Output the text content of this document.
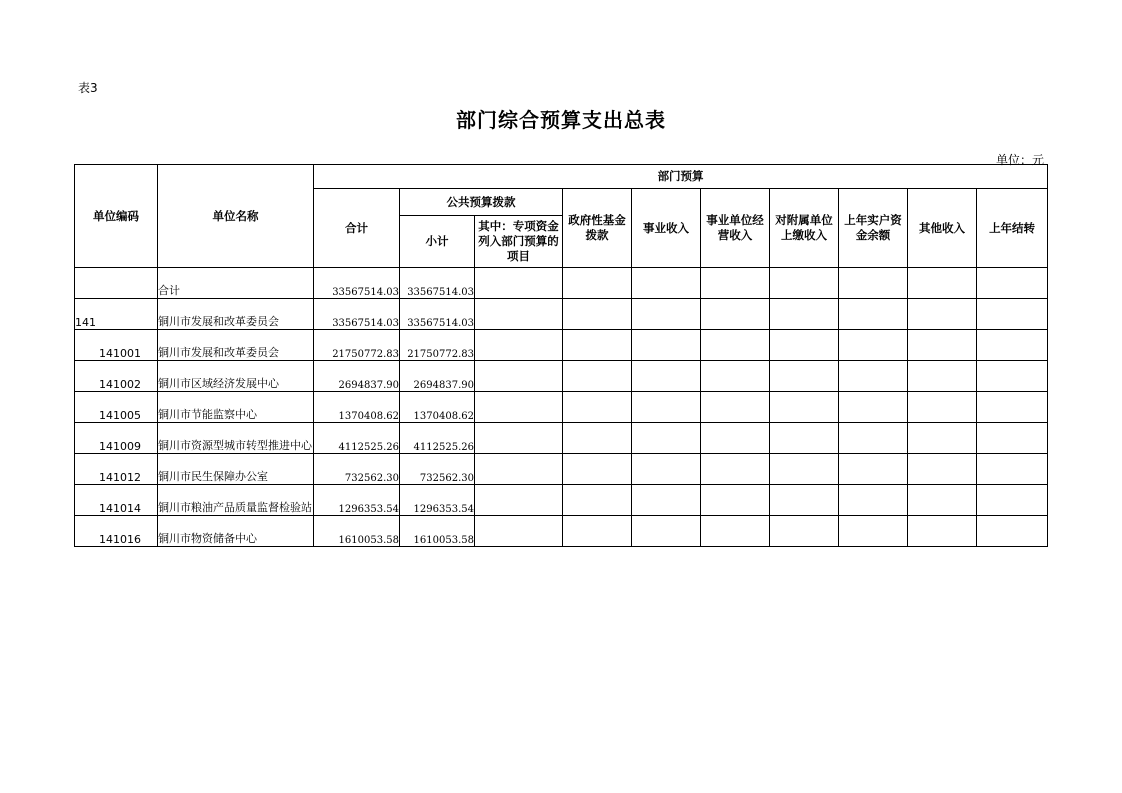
表3
部门综合预算支出总表
单位：元
单位编码	单位名称	部门预算									
		合计	公共预算拨款		政府性基金拨款	事业收入	事业单位经营收入	对附属单位上缴收入	上年实户资金余额	其他收入	上年结转
			小计	其中：专项资金列入部门预算的项目							
	合计	33567514.03	33567514.03								
141	铜川市发展和改革委员会	33567514.03	33567514.03								
141001	铜川市发展和改革委员会	21750772.83	21750772.83								
141002	铜川市区域经济发展中心	2694837.90	2694837.90								
141005	铜川市节能监察中心	1370408.62	1370408.62								
141009	铜川市资源型城市转型推进中心	4112525.26	4112525.26								
141012	铜川市民生保障办公室	732562.30	732562.30								
141014	铜川市粮油产品质量监督检验站	1296353.54	1296353.54								
141016	铜川市物资储备中心	1610053.58	1610053.58								
